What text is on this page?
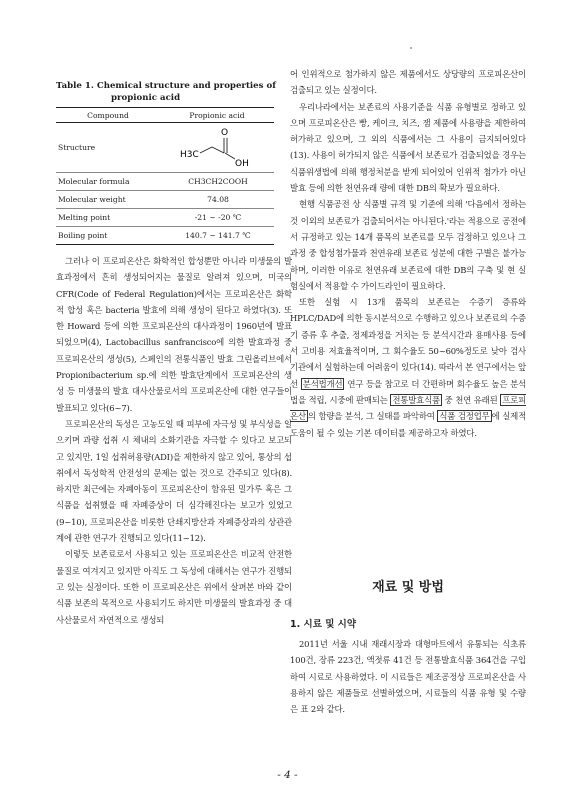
Table 1. Chemical structure and properties of
propionic acid

Compound	Propionic acid
Structure	H3C
O
OH

Molecular formula	CH3CH2COOH
Molecular weight	74.08
Melting point	-21 ~ -20 ℃
Boiling point	140.7 ~ 141.7 ℃

그러나 이 프로피온산은 화학적인 합성뿐만 아니라 미생물의 발효과정에서 흔히 생성되어지는 물질로 알려져 있으며, 미국의 CFR(Code of Federal Regulation)에서는 프로피온산은 화학적 합성 혹은 bacteria 발효에 의해 생성이 된다고 하였다(3). 또한 Howard 등에 의한 프로피온산의 대사과정이 1960년에 발표되었으며(4), Lactobacillus sanfrancisco에 의한 발효과정 중 프로피온산의 생성(5), 스페인의 전통식품인 발효 그린올리브에서 Propionibacterium sp.에 의한 발효단계에서 프로피온산의 생성 등 미생물의 발효 대사산물로서의 프로피온산에 대한 연구들이 발표되고 있다(6~7).

프로피온산의 독성은 고농도일 때 피부에 자극성 및 부식성을 일으키며 과량 섭취 시 체내의 소화기관을 자극할 수 있다고 보고되고 있지만, 1일 섭취허용량(ADI)을 제한하지 않고 있어, 통상의 섭취에서 독성학적 안전성의 문제는 없는 것으로 간주되고 있다(8). 하지만 최근에는 자폐아동이 프로피온산이 함유된 밀가루 혹은 그 식품을 섭취했을 때 자폐증상이 더 심각해진다는 보고가 있었고(9~10), 프로피온산을 비롯한 단쇄지방산과 자폐증상과의 상관관계에 관한 연구가 진행되고 있다(11~12).

이렇듯 보존료로서 사용되고 있는 프로피온산은 비교적 안전한 물질로 여겨지고 있지만 아직도 그 독성에 대해서는 연구가 진행되고 있는 실정이다. 또한 이 프로피온산은 위에서 살펴본 바와 같이 식품 보존의 목적으로 사용되기도 하지만 미생물의 발효과정 중 대사산물로서 자연적으로 생성되

어 인위적으로 첨가하지 않은 제품에서도 상당량의 프로피온산이 검출되고 있는 실정이다.

우리나라에서는 보존료의 사용기준을 식품 유형별로 정하고 있으며 프로피온산은 빵, 케이크, 치즈, 잼 제품에 사용량을 제한하여 허가하고 있으며, 그 외의 식품에서는 그 사용이 금지되어있다(13). 사용이 허가되지 않은 식품에서 보존료가 검출되었을 경우는 식품위생법에 의해 행정처분을 받게 되어있어 인위적 첨가가 아닌 발효 등에 의한 천연유래 량에 대한 DB의 확보가 필요하다.

현행 식품공전 상 식품별 규격 및 기준에 의해 '다음에서 정하는 것 이외의 보존료가 검출되어서는 아니된다.'라는 적용으로 공전에서 규정하고 있는 14개 품목의 보존료를 모두 검정하고 있으나 그 과정 중 합성첨가물과 천연유래 보존료 성분에 대한 구별은 불가능하며, 이러한 이유로 천연유래 보존료에 대한 DB의 구축 및 현 실험실에서 적용할 수 가이드라인이 필요하다.

또한 실험 시 13개 품목의 보존료는 수증기 증류와 HPLC/DAD에 의한 동시분석으로 수행하고 있으나 보존료의 수증기 증류 후 추출, 정제과정을 거치는 등 분석시간과 용매사용 등에서 고비용 저효율적이며, 그 회수율도 50~60%정도로 낮아 검사기관에서 실험하는데 어려움이 있다(14). 따라서 본 연구에서는 앞선 분석법개선 연구 등을 참고로 더 간편하며 회수율도 높은 분석법을 적립, 시중에 판매되는 전통발효식품 중 천연 유래된 프로피온산 의 함량을 분석, 그 실태를 파악하여 식품 검정업무 에 실제적 도움이 될 수 있는 기본 데이터를 제공하고자 하였다.

재료 및 방법

1. 시료 및 시약

2011년 서울 시내 재래시장과 대형마트에서 유통되는 식초류 100건, 장류 223건, 액젓류 41건 등 전통발효식품 364건을 구입하여 시료로 사용하였다. 이 시료들은 제조공정상 프로피온산을 사용하지 않은 제품들로 선별하였으며, 시료들의 식품 유형 및 수량은 표 2와 같다.

- 4 -
